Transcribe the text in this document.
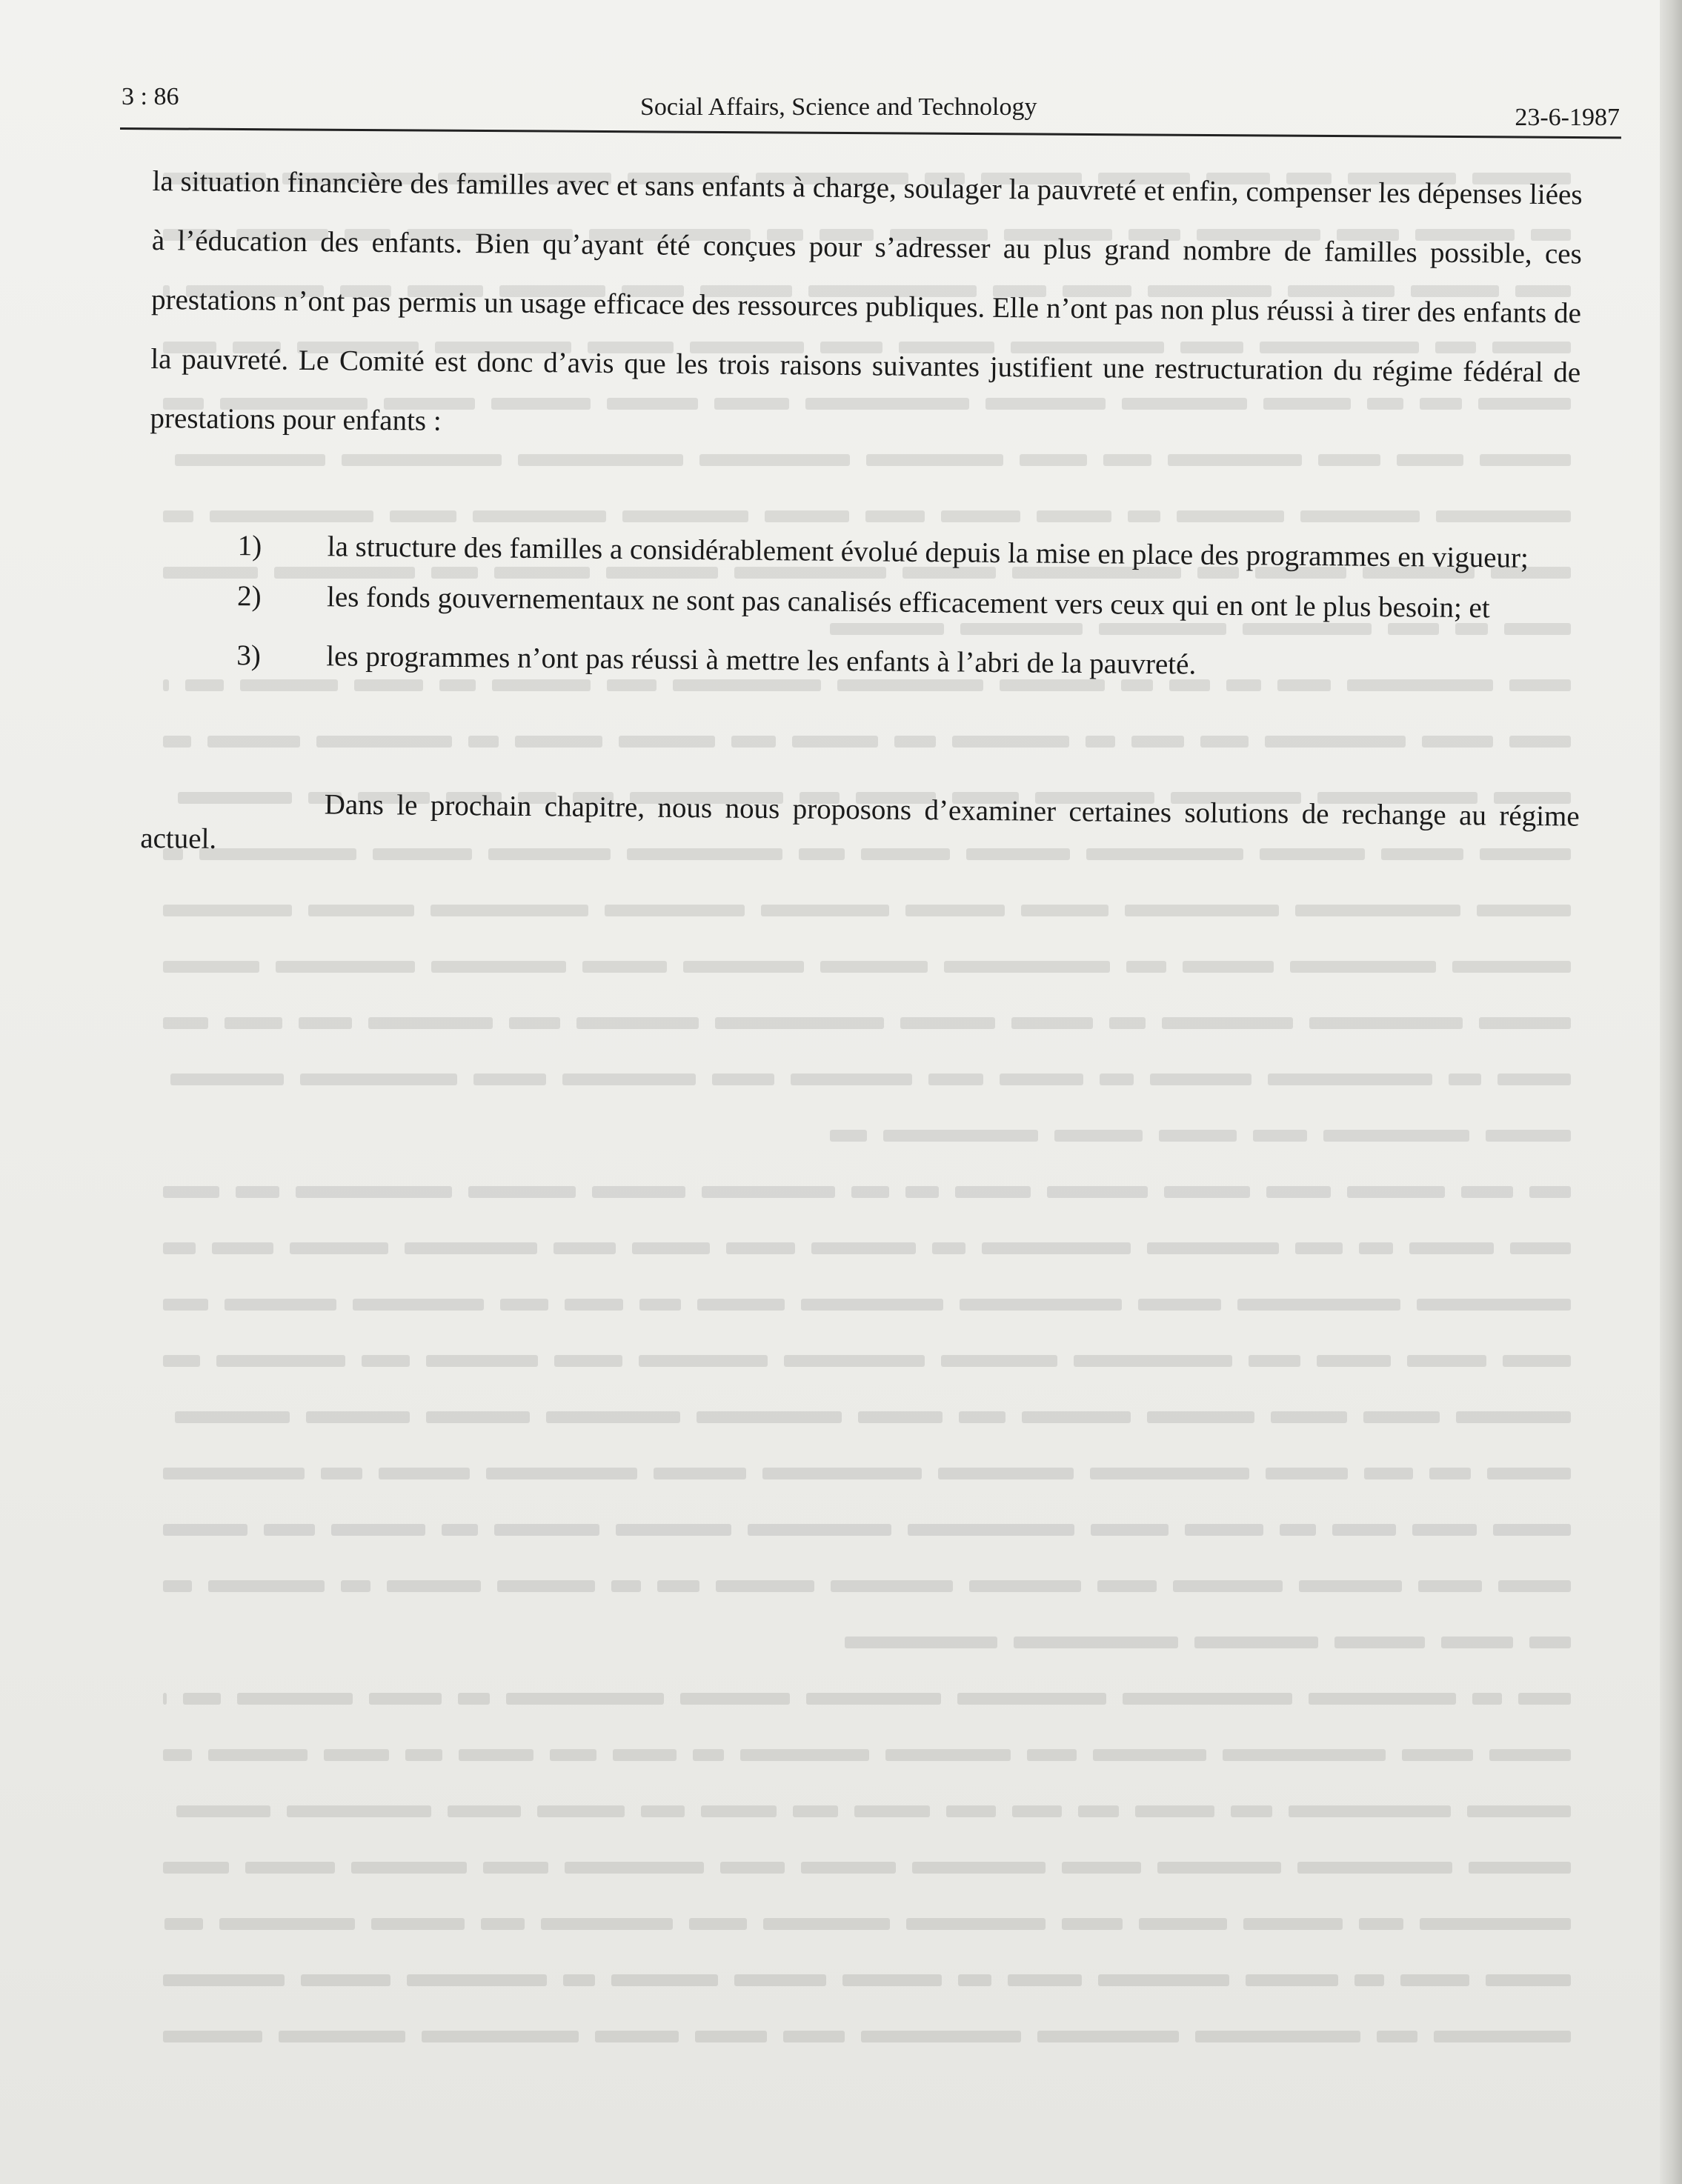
3 : 86	Social Affairs, Science and Technology	23-6-1987

la situation financière des familles avec et sans enfants à charge, soulager la pauvreté et enfin, compenser les dépenses liées à l’éducation des enfants. Bien qu’ayant été conçues pour s’adresser au plus grand nombre de familles possible, ces prestations n’ont pas permis un usage efficace des ressources publiques. Elle n’ont pas non plus réussi à tirer des enfants de la pauvreté. Le Comité est donc d’avis que les trois raisons suivantes justifient une restructuration du régime fédéral de prestations pour enfants :

1) la structure des familles a considérablement évolué depuis la mise en place des programmes en vigueur;
2) les fonds gouvernementaux ne sont pas canalisés efficacement vers ceux qui en ont le plus besoin; et
3) les programmes n’ont pas réussi à mettre les enfants à l’abri de la pauvreté.
Dans le prochain chapitre, nous nous proposons d’examiner certaines solutions de rechange au régime actuel.
